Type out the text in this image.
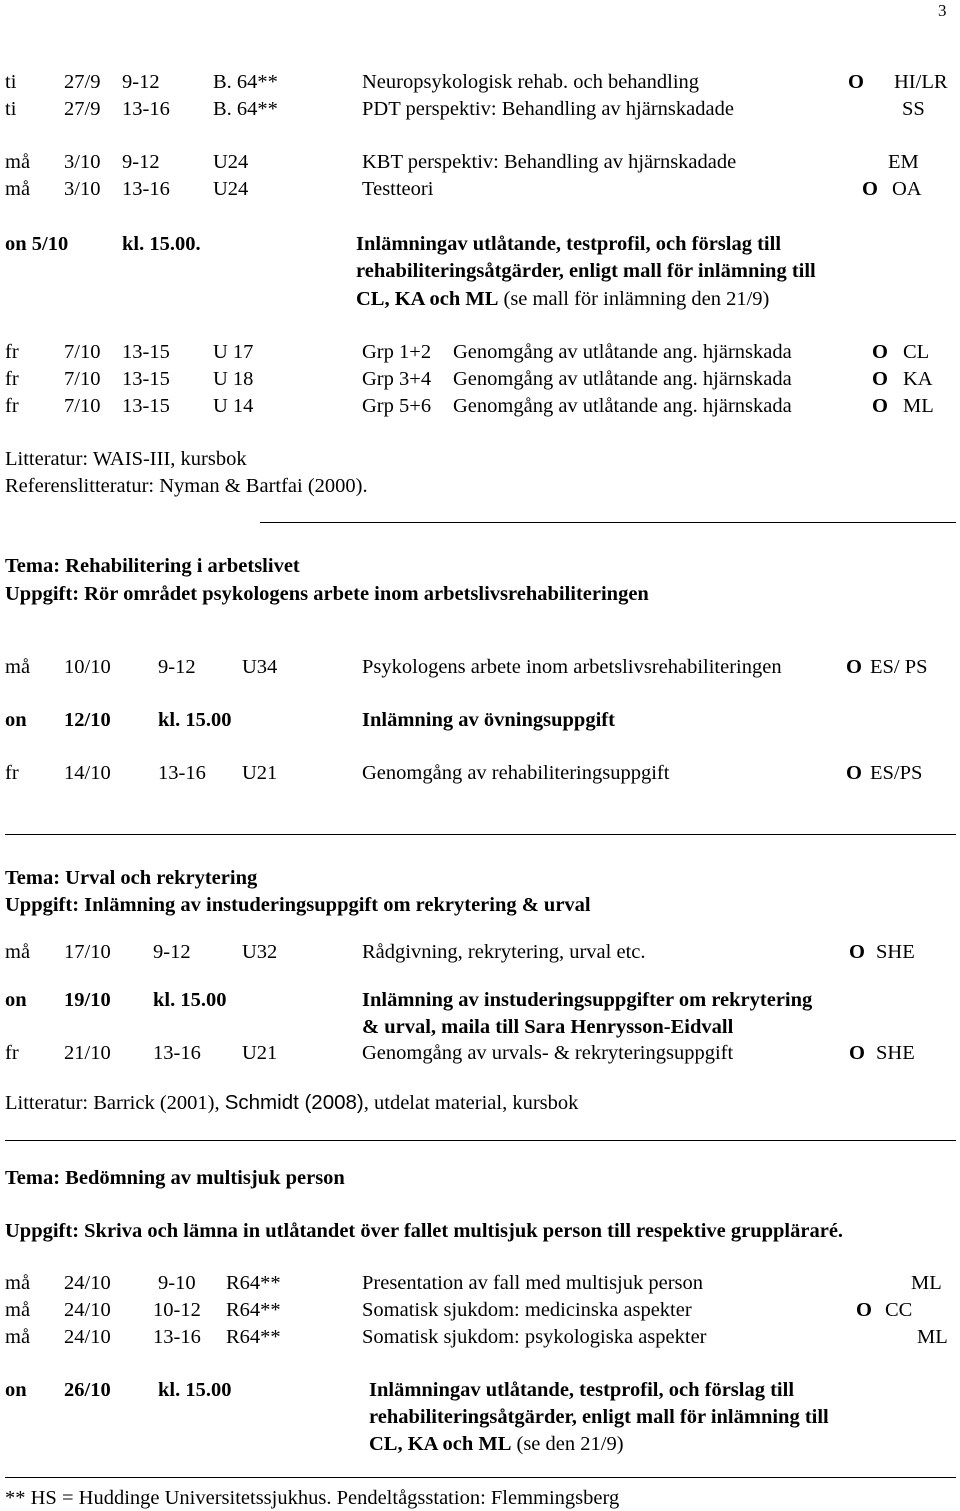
3
ti 27/9 9-12	B. 64**	Neuropsykologisk rehab. och behandling	O HI/LR
ti 27/9 13-16 B. 64**	PDT perspektiv: Behandling av hjärnskadade	SS
må 3/10 9-12	U24	KBT perspektiv: Behandling av hjärnskadade	EM
må 3/10 13-16 U24	Testteori	O OA
on 5/10	kl. 15.00.	Inlämningav utlåtande, testprofil, och förslag till
rehabiliteringsåtgärder, enligt mall för inlämning till
CL, KA och ML (se mall för inlämning den 21/9)
fr 7/10 13-15 U 17	Grp 1+2 Genomgång av utlåtande ang. hjärnskada	O CL
fr 7/10 13-15 U 18	Grp 3+4 Genomgång av utlåtande ang. hjärnskada	O KA
fr 7/10 13-15 U 14	Grp 5+6 Genomgång av utlåtande ang. hjärnskada	O ML
Litteratur: WAIS-III, kursbok
Referenslitteratur: Nyman & Bartfai (2000).
Tema: Rehabilitering i arbetslivet
Uppgift: Rör området psykologens arbete inom arbetslivsrehabiliteringen
må 10/10 9-12 U34	Psykologens arbete inom arbetslivsrehabiliteringen	O ES/ PS
on 12/10 kl. 15.00	Inlämning av övningsuppgift
fr 14/10 13-16 U21	Genomgång av rehabiliteringsuppgift	O ES/PS
Tema: Urval och rekrytering
Uppgift: Inlämning av instuderingsuppgift om rekrytering & urval
må 17/10 9-12	U32	Rådgivning, rekrytering, urval etc.	O SHE
on 19/10 kl. 15.00	Inlämning av instuderingsuppgifter om rekrytering
& urval, maila till Sara Henrysson-Eidvall
fr 21/10 13-16 U21	Genomgång av urvals- & rekryteringsuppgift	O SHE
Litteratur: Barrick (2001), Schmidt (2008), utdelat material, kursbok
Tema: Bedömning av multisjuk person
Uppgift: Skriva och lämna in utlåtandet över fallet multisjuk person till respektive gruppläraré.
må 24/10 9-10 R64**	Presentation av fall med multisjuk person	ML
må 24/10 10-12 R64**	Somatisk sjukdom: medicinska aspekter	O CC
må 24/10 13-16 R64**	Somatisk sjukdom: psykologiska aspekter	ML
on 26/10 kl. 15.00	Inlämningav utlåtande, testprofil, och förslag till
rehabiliteringsåtgärder, enligt mall för inlämning till
CL, KA och ML (se den 21/9)
** HS = Huddinge Universitetssjukhus. Pendeltågsstation: Flemmingsberg
